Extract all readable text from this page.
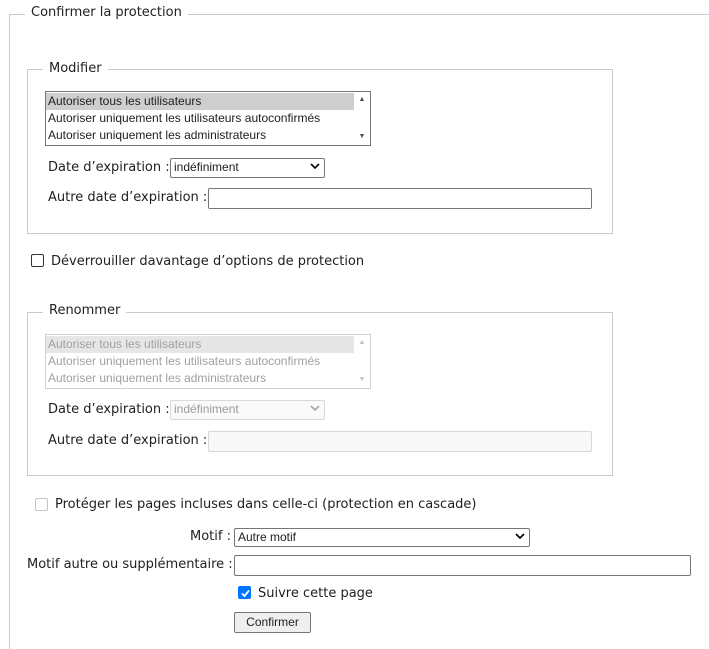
Confirmer la protection
Modifier
Autoriser tous les utilisateurs
Autoriser uniquement les utilisateurs autoconfirmés
Autoriser uniquement les administrateurs
▲
▼
Date d’expiration : indéfiniment
Autre date d’expiration :
Déverrouiller davantage d’options de protection
Renommer
Autoriser tous les utilisateurs
Autoriser uniquement les utilisateurs autoconfirmés
Autoriser uniquement les administrateurs
▲
▼
Date d’expiration : indéfiniment
Autre date d’expiration :
Protéger les pages incluses dans celle-ci (protection en cascade)
Motif : Autre motif
Motif autre ou supplémentaire :
Suivre cette page
Confirmer
